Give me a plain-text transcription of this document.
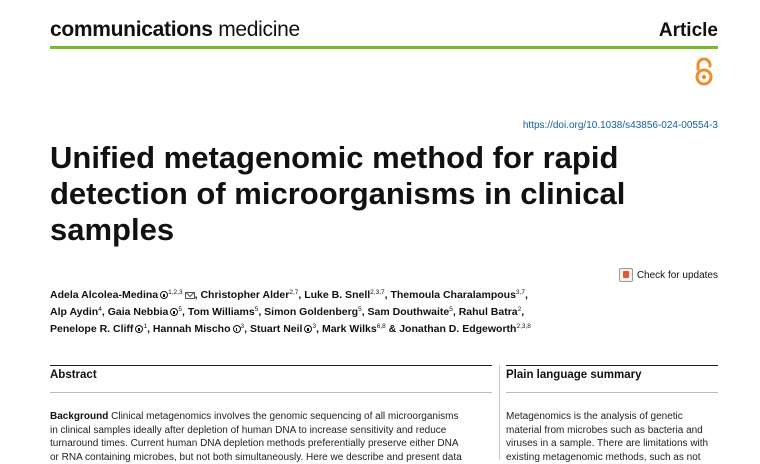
communications medicine	Article
https://doi.org/10.1038/s43856-024-00554-3
Unified metagenomic method for rapid
detection of microorganisms in clinical
samples
Check for updates
Adela Alcolea-Medina $^{1,2,3}$ , Christopher Alder$^{2,7}$, Luke B. Snell$^{2,3,7}$, Themoula Charalampous$^{3,7}$,
Alp Aydin$^4$, Gaia Nebbia $^5$, Tom Williams$^5$, Simon Goldenberg$^5$, Sam Douthwaite$^5$, Rahul Batra$^2$,
Penelope R. Cliff $^1$, Hannah Mischo $^3$, Stuart Neil $^3$, Mark Wilks$^{6,8}$ & Jonathan D. Edgeworth$^{2,3,8}$
Abstract	Plain language summary

Background Clinical metagenomics involves the genomic sequencing of all microorganisms
in clinical samples ideally after depletion of human DNA to increase sensitivity and reduce
turnaround times. Current human DNA depletion methods preferentially preserve either DNA
or RNA containing microbes, but not both simultaneously. Here we describe and present data

Metagenomics is the analysis of genetic
material from microbes such as bacteria and
viruses in a sample. There are limitations with
existing metagenomic methods, such as not
